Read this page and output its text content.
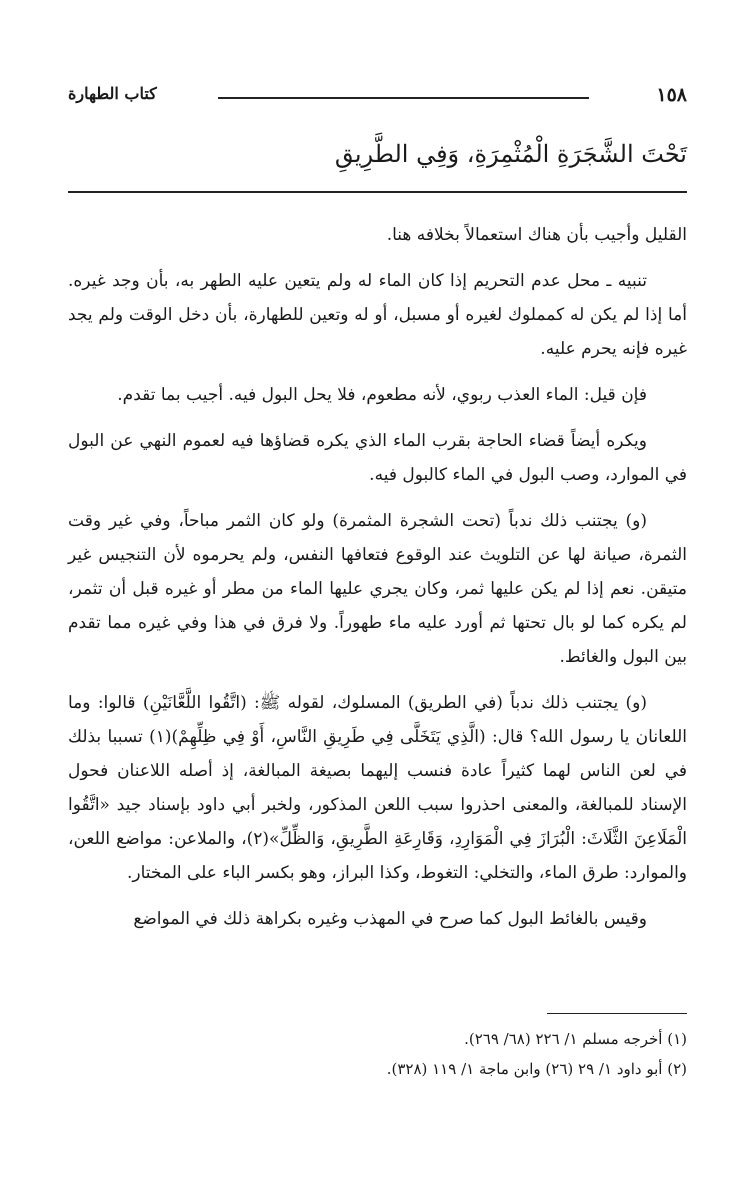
١٥٨
كتاب الطهارة
تَحْتَ الشَّجَرَةِ الْمُثْمِرَةِ، وَفِي الطَّرِيقِ

القليل وأجيب بأن هناك استعمالاً بخلافه هنا.

تنبيه ـ محل عدم التحريم إذا كان الماء له ولم يتعين عليه الطهر به، بأن وجد غيره. أما إذا لم يكن له كمملوك لغيره أو مسبل، أو له وتعين للطهارة، بأن دخل الوقت ولم يجد غيره فإنه يحرم عليه.

فإن قيل: الماء العذب ربوي، لأنه مطعوم، فلا يحل البول فيه. أجيب بما تقدم.

ويكره أيضاً قضاء الحاجة بقرب الماء الذي يكره قضاؤها فيه لعموم النهي عن البول في الموارد، وصب البول في الماء كالبول فيه.

(و) يجتنب ذلك ندباً (تحت الشجرة المثمرة) ولو كان الثمر مباحاً، وفي غير وقت الثمرة، صيانة لها عن التلويث عند الوقوع فتعافها النفس، ولم يحرموه لأن التنجيس غير متيقن. نعم إذا لم يكن عليها ثمر، وكان يجري عليها الماء من مطر أو غيره قبل أن تثمر، لم يكره كما لو بال تحتها ثم أورد عليه ماء طهوراً. ولا فرق في هذا وفي غيره مما تقدم بين البول والغائط.

(و) يجتنب ذلك ندباً (في الطريق) المسلوك، لقوله ﷺ: (اتَّقُوا اللَّعَّانَيْنِ) قالوا: وما اللعانان يا رسول الله؟ قال: (الَّذِي يَتَخَلَّى فِي طَرِيقِ النَّاسِ، أَوْ فِي ظِلِّهِمْ)(١) تسببا بذلك في لعن الناس لهما كثيراً عادة فنسب إليهما بصيغة المبالغة، إذ أصله اللاعنان فحول الإسناد للمبالغة، والمعنى احذروا سبب اللعن المذكور، ولخبر أبي داود بإسناد جيد «اتَّقُوا الْمَلَاعِنَ الثَّلَاثَ: الْبُرَازَ فِي الْمَوَارِدِ، وَقَارِعَةِ الطَّرِيقِ، وَالظِّلِّ»(٢)، والملاعن: مواضع اللعن، والموارد: طرق الماء، والتخلي: التغوط، وكذا البراز، وهو بكسر الباء على المختار.

وقيس بالغائط البول كما صرح في المهذب وغيره بكراهة ذلك في المواضع

(١) أخرجه مسلم ١/ ٢٢٦ (٦٨/ ٢٦٩).
(٢) أبو داود ١/ ٢٩ (٢٦) وابن ماجة ١/ ١١٩ (٣٢٨).
